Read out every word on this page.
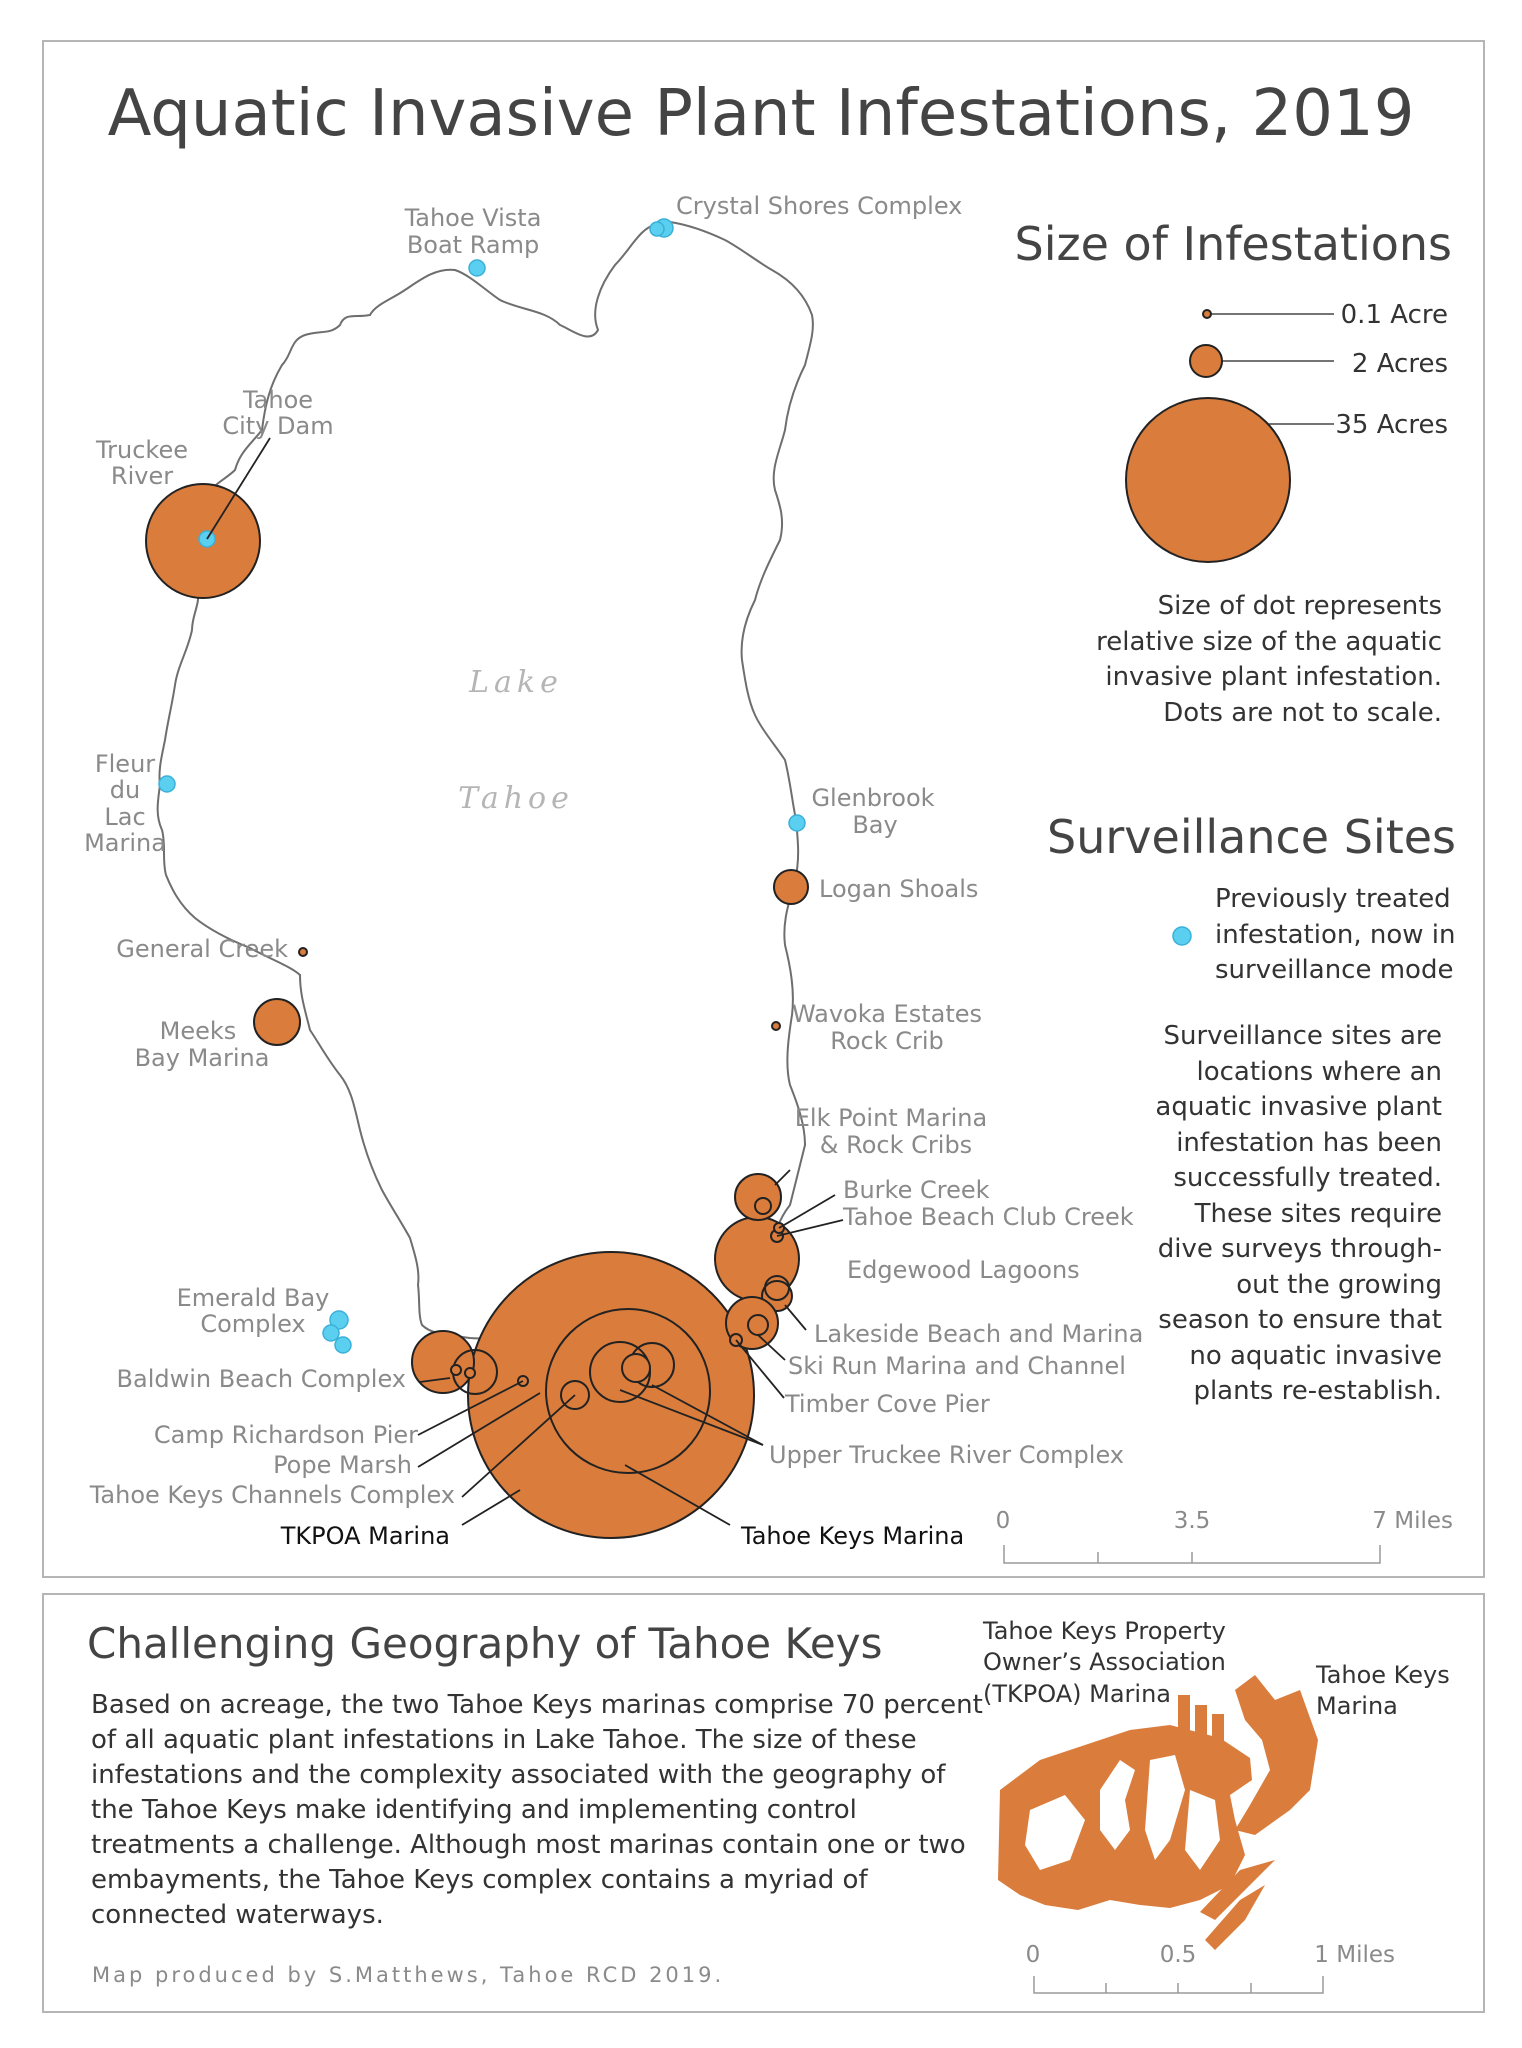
Aquatic Invasive Plant Infestations, 2019
Lake
Tahoe
Crystal Shores Complex
Tahoe Vista
Boat Ramp
Tahoe
City Dam
Truckee
River
Fleur
du
Lac
Marina
General Creek
Meeks
Bay Marina
Emerald Bay
Complex
Baldwin Beach Complex
Camp Richardson Pier
Pope Marsh
Tahoe Keys Channels Complex
TKPOA Marina	Tahoe Keys Marina
Upper Truckee River Complex
Timber Cove Pier
Ski Run Marina and Channel
Lakeside Beach and Marina
Edgewood Lagoons
Tahoe Beach Club Creek
Burke Creek
Elk Point Marina
& Rock Cribs
Wavoka Estates
Rock Crib
Logan Shoals
Glenbrook
Bay
Size of Infestations
0.1 Acre
2 Acres
35 Acres
Size of dot represents
relative size of the aquatic
invasive plant infestation.
Dots are not to scale.
Surveillance Sites
Previously treated
infestation, now in
surveillance mode
Surveillance sites are
locations where an
aquatic invasive plant
infestation has been
successfully treated.
These sites require
dive surveys through-
out the growing
season to ensure that
no aquatic invasive
plants re-establish.
0	3.5	7 Miles
Challenging Geography of Tahoe Keys
Based on acreage, the two Tahoe Keys marinas comprise 70 percent
of all aquatic plant infestations in Lake Tahoe. The size of these
infestations and the complexity associated with the geography of
the Tahoe Keys make identifying and implementing control
treatments a challenge. Although most marinas contain one or two
embayments, the Tahoe Keys complex contains a myriad of
connected waterways.
Map produced by S.Matthews, Tahoe RCD 2019.
Tahoe Keys Property
Owner’s Association
(TKPOA) Marina
Tahoe Keys
Marina
0	0.5	1 Miles
